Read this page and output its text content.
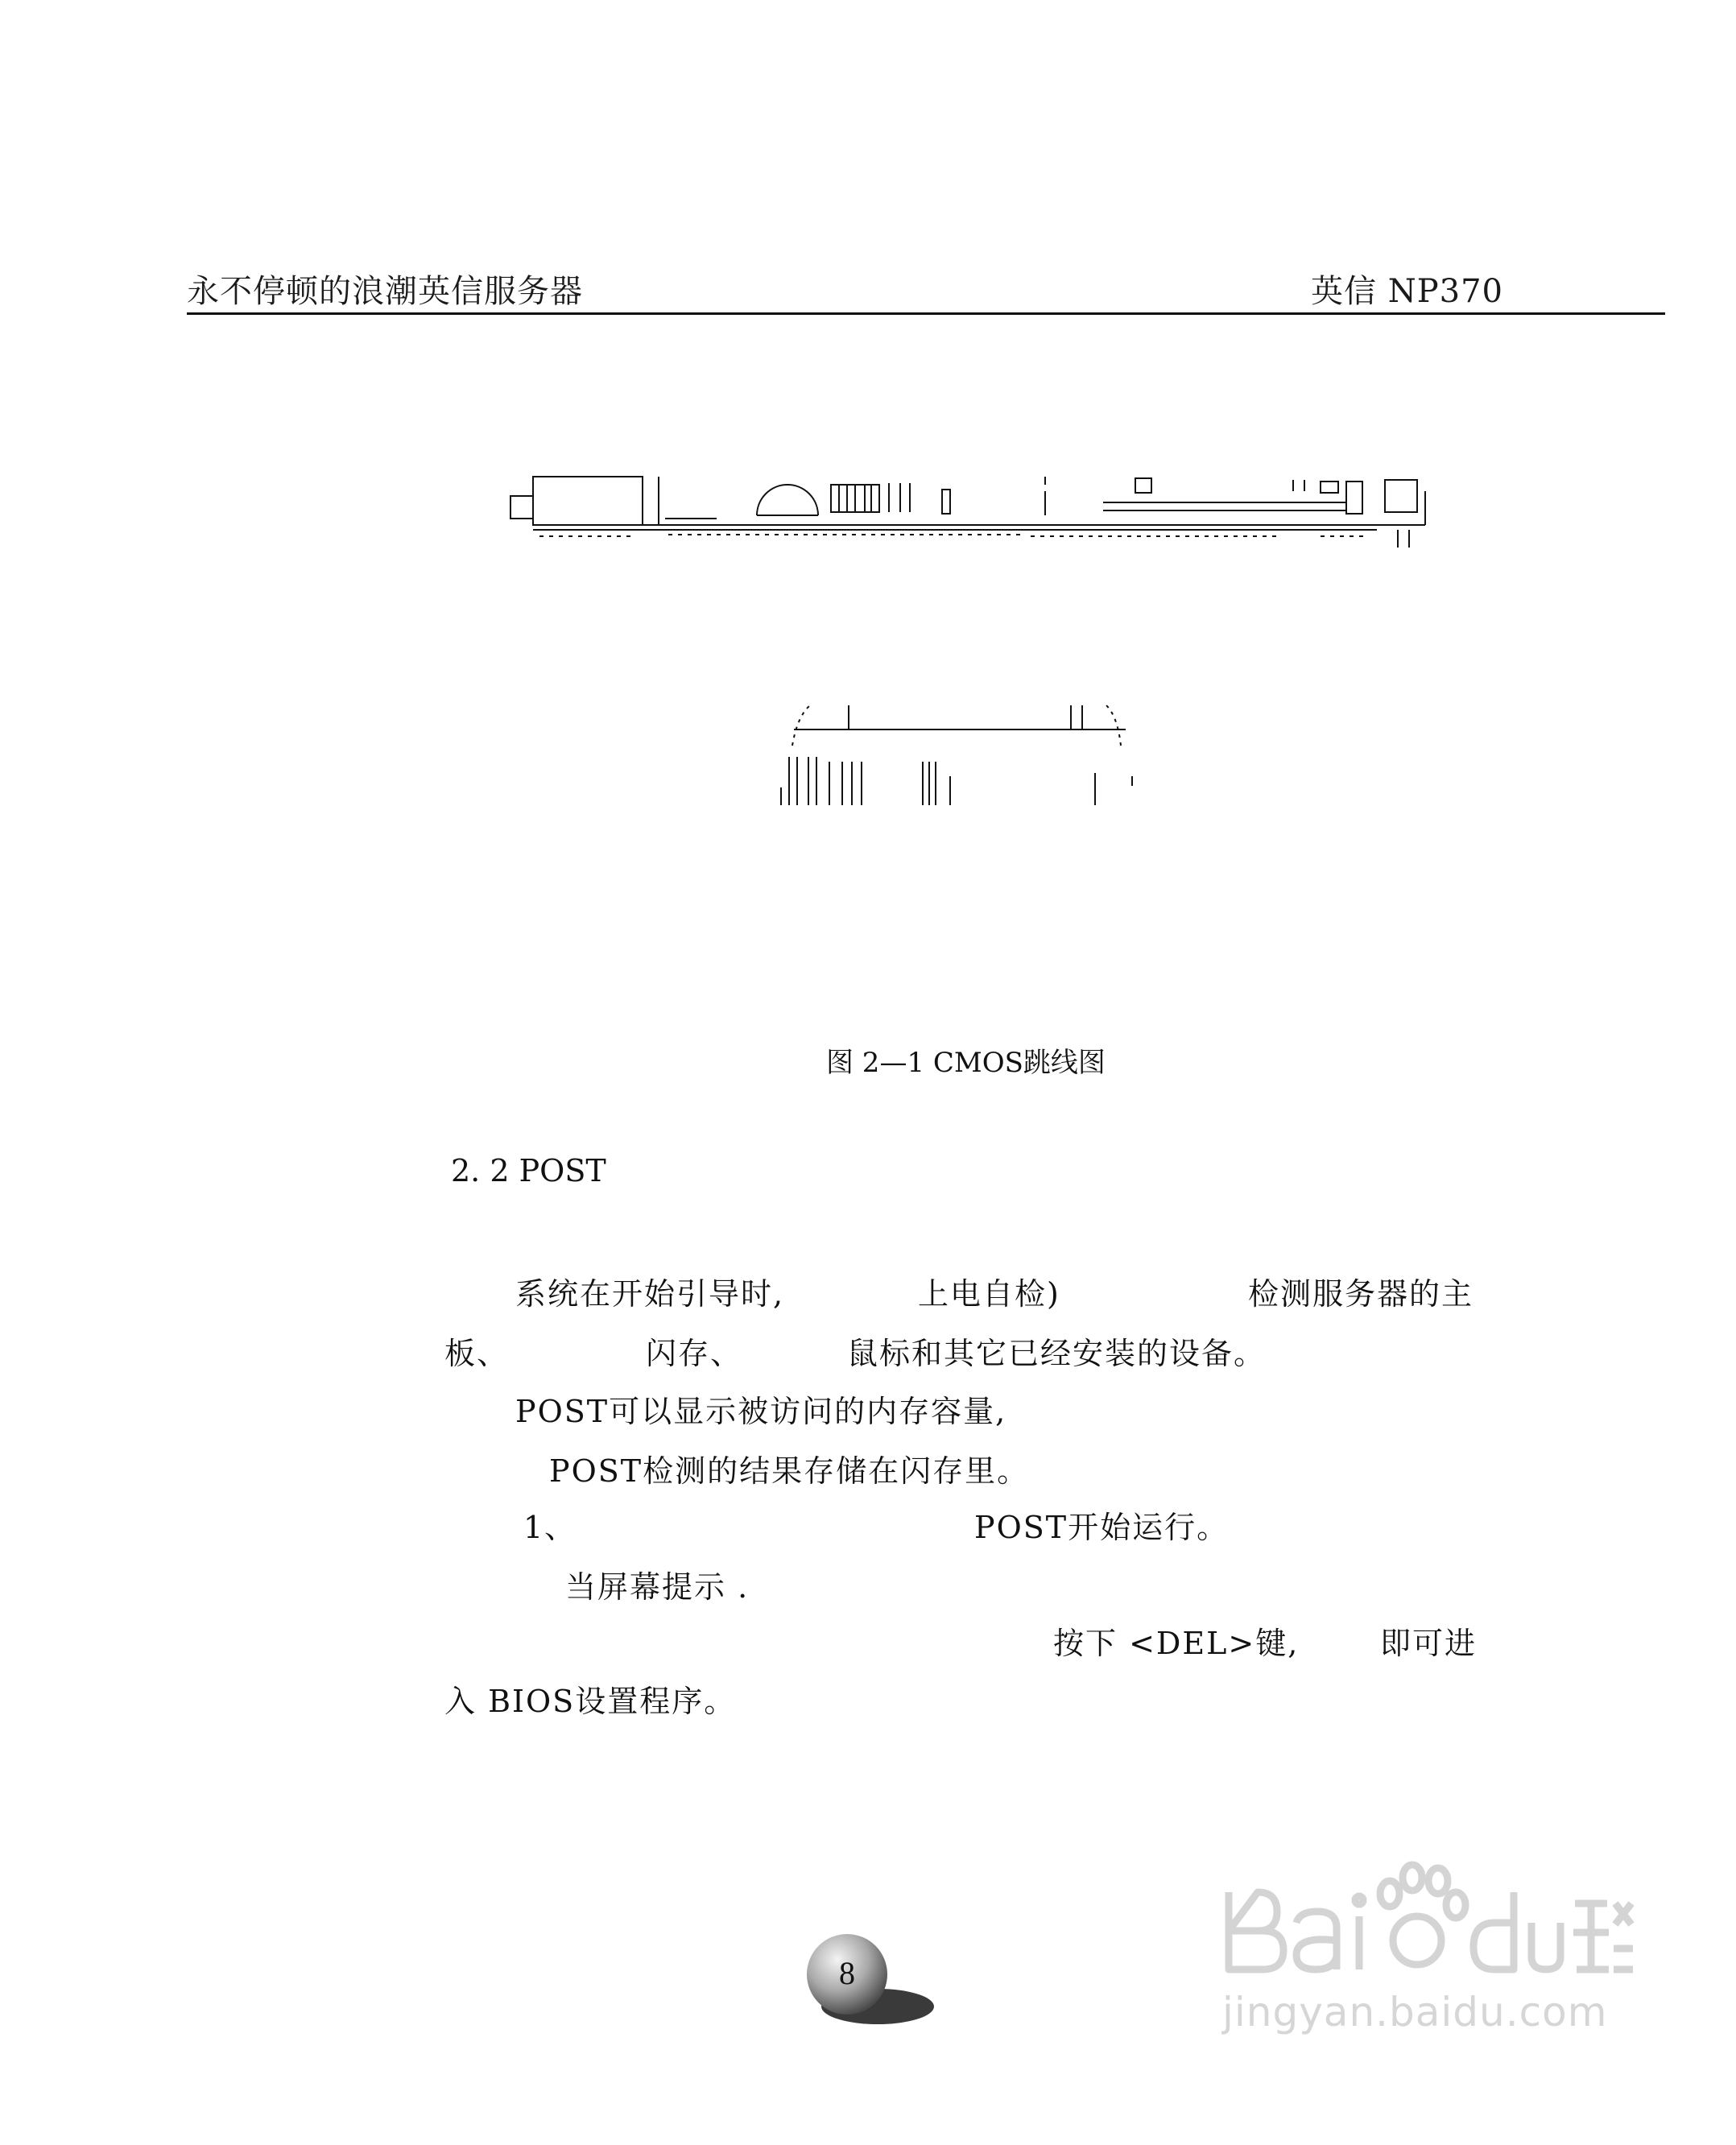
永不停顿的浪潮英信服务器	英信 NP370
图 2—1 CMOS跳线图
2. 2 POST
系统在开始引导时,	上电自检)	检测服务器的主
板、	闪存、	鼠标和其它已经安装的设备。
POST可以显示被访问的内存容量,
POST检测的结果存储在闪存里。
1、	POST开始运行。
当屏幕提示 .
按下 <DEL>键,	即可进
入 BIOS设置程序。
8
jingyan.baidu.com
